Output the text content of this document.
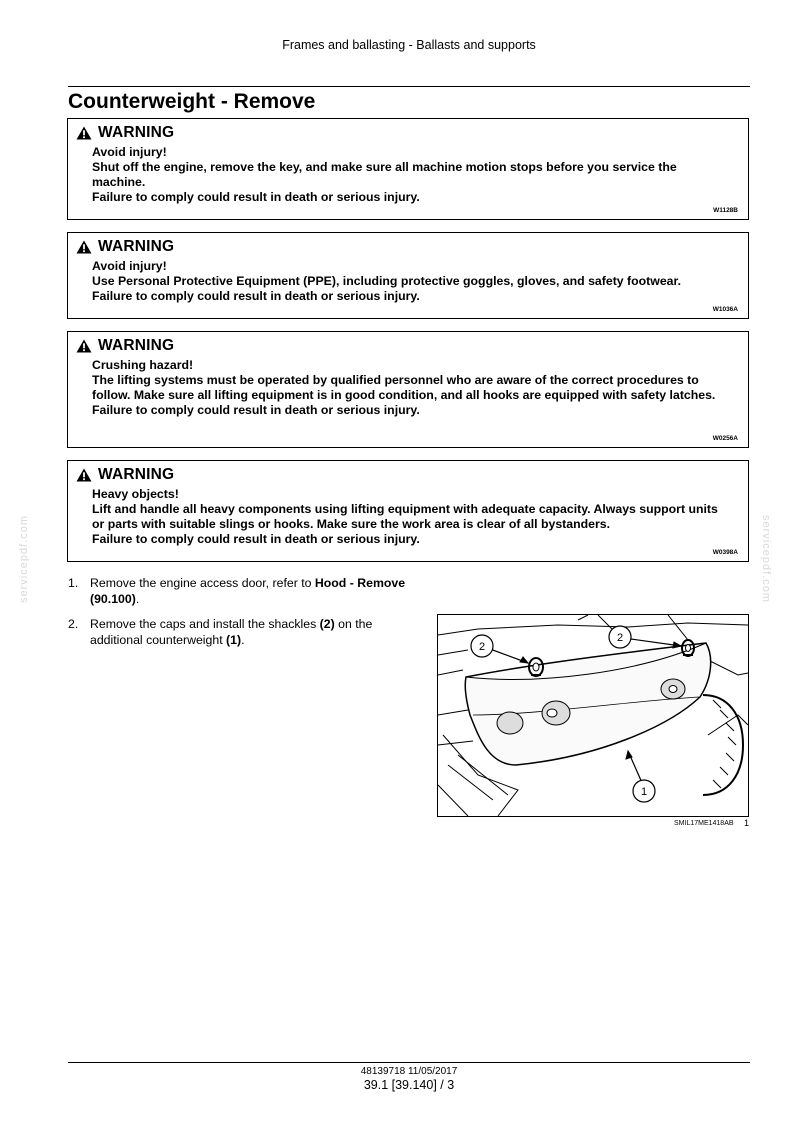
Frames and ballasting - Ballasts and supports
Counterweight - Remove
WARNING
Avoid injury!
Shut off the engine, remove the key, and make sure all machine motion stops before you service the machine.
Failure to comply could result in death or serious injury.
W1128B
WARNING
Avoid injury!
Use Personal Protective Equipment (PPE), including protective goggles, gloves, and safety footwear.
Failure to comply could result in death or serious injury.
W1036A
WARNING
Crushing hazard!
The lifting systems must be operated by qualified personnel who are aware of the correct procedures to follow. Make sure all lifting equipment is in good condition, and all hooks are equipped with safety latches.
Failure to comply could result in death or serious injury.
W0256A
WARNING
Heavy objects!
Lift and handle all heavy components using lifting equipment with adequate capacity. Always support units or parts with suitable slings or hooks. Make sure the work area is clear of all bystanders.
Failure to comply could result in death or serious injury.
W0398A
1. Remove the engine access door, refer to Hood - Remove (90.100).
2. Remove the caps and install the shackles (2) on the additional counterweight (1).
2
2
1
SMIL17ME1418AB 1
servicepdf.com	servicepdf.com
48139718 11/05/2017
39.1 [39.140] / 3
